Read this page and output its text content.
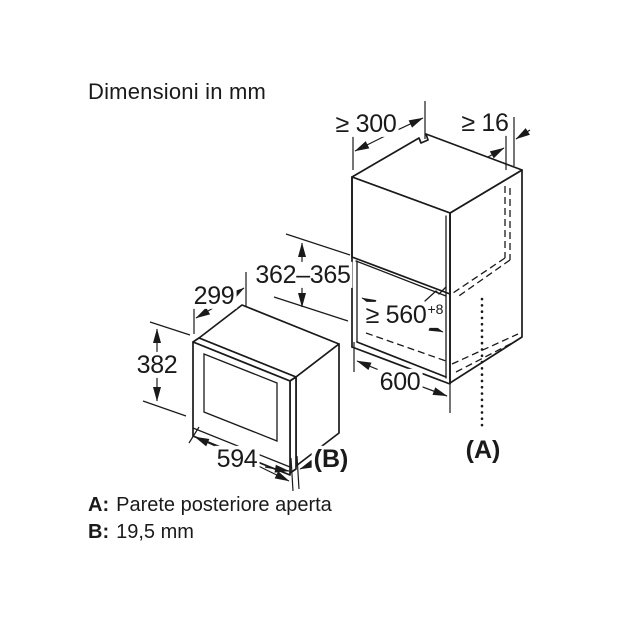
Dimensioni in mm
≥ 300	≥ 16
362–365
299
≥ $560^{+8}$
600
382
594 (B)	(A)
A: Parete posteriore aperta
B: 19,5 mm
